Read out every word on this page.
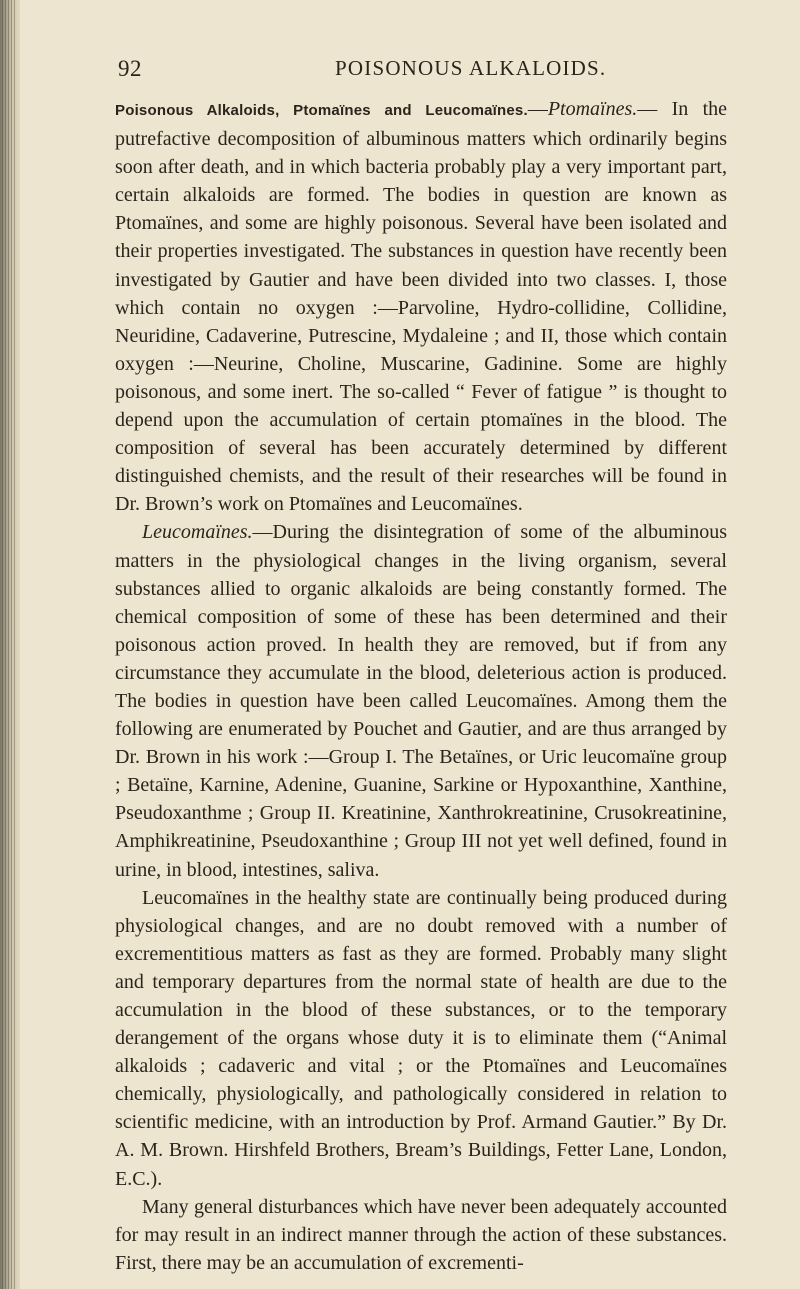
92	POISONOUS ALKALOIDS.

Poisonous Alkaloids, Ptomaïnes and Leucomaïnes.—Ptomaïnes.— In the putrefactive decomposition of albuminous matters which ordinarily begins soon after death, and in which bacteria probably play a very important part, certain alkaloids are formed. The bodies in question are known as Ptomaïnes, and some are highly poisonous. Several have been isolated and their properties investigated. The substances in question have recently been investigated by Gautier and have been divided into two classes. I, those which contain no oxygen :—Parvoline, Hydro-collidine, Collidine, Neuridine, Cadaverine, Putrescine, Mydaleine ; and II, those which contain oxygen :—Neurine, Choline, Muscarine, Gadinine. Some are highly poisonous, and some inert. The so-called “ Fever of fatigue ” is thought to depend upon the accumulation of certain ptomaïnes in the blood. The composition of several has been accurately determined by different distinguished chemists, and the result of their researches will be found in Dr. Brown’s work on Ptomaïnes and Leucomaïnes.

Leucomaïnes.—During the disintegration of some of the albuminous matters in the physiological changes in the living organism, several substances allied to organic alkaloids are being constantly formed. The chemical composition of some of these has been determined and their poisonous action proved. In health they are removed, but if from any circumstance they accumulate in the blood, deleterious action is produced. The bodies in question have been called Leucomaïnes. Among them the following are enumerated by Pouchet and Gautier, and are thus arranged by Dr. Brown in his work :—Group I. The Betaïnes, or Uric leucomaïne group ; Betaïne, Karnine, Adenine, Guanine, Sarkine or Hypoxanthine, Xanthine, Pseudoxanthme ; Group II. Kreatinine, Xanthrokreatinine, Crusokreatinine, Amphikreatinine, Pseudoxanthine ; Group III not yet well defined, found in urine, in blood, intestines, saliva.

Leucomaïnes in the healthy state are continually being produced during physiological changes, and are no doubt removed with a number of excrementitious matters as fast as they are formed. Probably many slight and temporary departures from the normal state of health are due to the accumulation in the blood of these substances, or to the temporary derangement of the organs whose duty it is to eliminate them (“Animal alkaloids ; cadaveric and vital ; or the Ptomaïnes and Leucomaïnes chemically, physiologically, and pathologically considered in relation to scientific medicine, with an introduction by Prof. Armand Gautier.” By Dr. A. M. Brown. Hirshfeld Brothers, Bream’s Buildings, Fetter Lane, London, E.C.).

Many general disturbances which have never been adequately accounted for may result in an indirect manner through the action of these substances. First, there may be an accumulation of excrementi-
